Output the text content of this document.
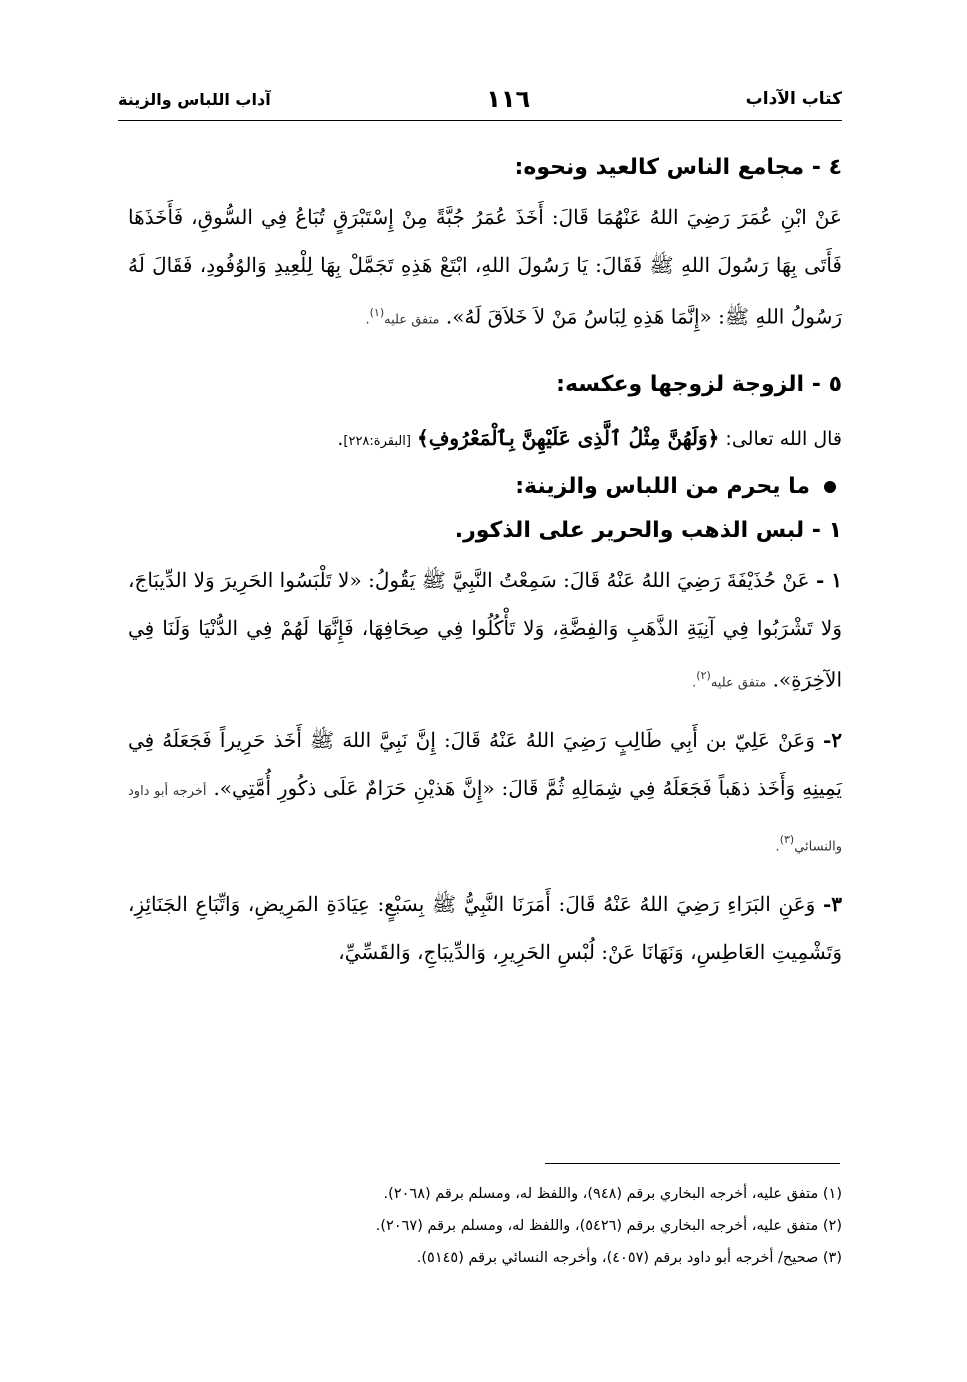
كتاب الآداب
١١٦
آداب اللباس والزينة
٤ - مجامع الناس كالعيد ونحوه:

عَنْ ابْنِ عُمَرَ رَضِيَ اللهُ عَنْهُمَا قَالَ: أَخَذَ عُمَرُ جُبَّةً مِنْ إِسْتَبْرَقٍ تُبَاعُ فِي السُّوقِ، فَأَخَذَهَا فَأَتَى بِهَا رَسُولَ اللهِ ﷺ فَقَالَ: يَا رَسُولَ اللهِ، ابْتَعْ هَذِهِ تَجَمَّلْ بِهَا لِلْعِيدِ وَالوُفُودِ، فَقَالَ لَهُ رَسُولُ اللهِ ﷺ: «إِنَّمَا هَذِهِ لِبَاسُ مَنْ لاَ خَلاَقَ لَهُ». متفق عليه$^{(١)}$.

٥ - الزوجة لزوجها وعكسه:
قال الله تعالى: ﴿وَلَهُنَّ مِثْلُ ٱلَّذِى عَلَيْهِنَّ بِٱلْمَعْرُوفِ﴾ [البقرة:٢٢٨].
ما يحرم من اللباس والزينة:
١ - لبس الذهب والحرير على الذكور.

١ - عَنْ حُذَيْفَةَ رَضِيَ اللهُ عَنْهُ قَالَ: سَمِعْتُ النَّبِيَّ ﷺ يَقُولُ: «لا تَلْبَسُوا الحَرِيرَ وَلا الدِّيبَاجَ، وَلا تَشْرَبُوا فِي آنِيَةِ الذَّهَبِ وَالفِضَّةِ، وَلا تَأْكُلُوا فِي صِحَافِهَا، فَإِنَّهَا لَهُمْ فِي الدُّنْيَا وَلَنَا فِي الآخِرَةِ». متفق عليه$^{(٢)}$.

٢- وَعَنْ عَلِيّ بن أَبِي طَالِبٍ رَضِيَ اللهُ عَنْهُ قَالَ: إِنَّ نَبِيَّ اللهَ ﷺ أَخَذ حَرِيراً فَجَعَلَهُ فِي يَمِينِهِ وَأَخَذ ذهَباً فَجَعَلَهُ فِي شِمَالِهِ ثُمَّ قَالَ: «إِنَّ هَذيْنِ حَرَامٌ عَلَى ذكُورِ أُمَّتِي». أخرجه أبو داود والنسائي$^{(٣)}$.

٣- وَعَنِ البَرَاءِ رَضِيَ اللهُ عَنْهُ قَالَ: أَمَرَنَا النَّبِيُّ ﷺ بِسَبْعٍ: عِيَادَةِ المَرِيضِ، وَاتِّبَاعِ الجَنَائِزِ، وَتَشْمِيتِ العَاطِسِ، وَنَهَانَا عَنْ: لُبْسِ الحَرِيرِ، وَالدِّيبَاجِ، وَالقَسِّيِّ،

(١) متفق عليه، أخرجه البخاري برقم (٩٤٨)، واللفظ له، ومسلم برقم (٢٠٦٨).

(٢) متفق عليه، أخرجه البخاري برقم (٥٤٢٦)، واللفظ له، ومسلم برقم (٢٠٦٧).

(٣) صحيح/ أخرجه أبو داود برقم (٤٠٥٧)، وأخرجه النسائي برقم (٥١٤٥).
